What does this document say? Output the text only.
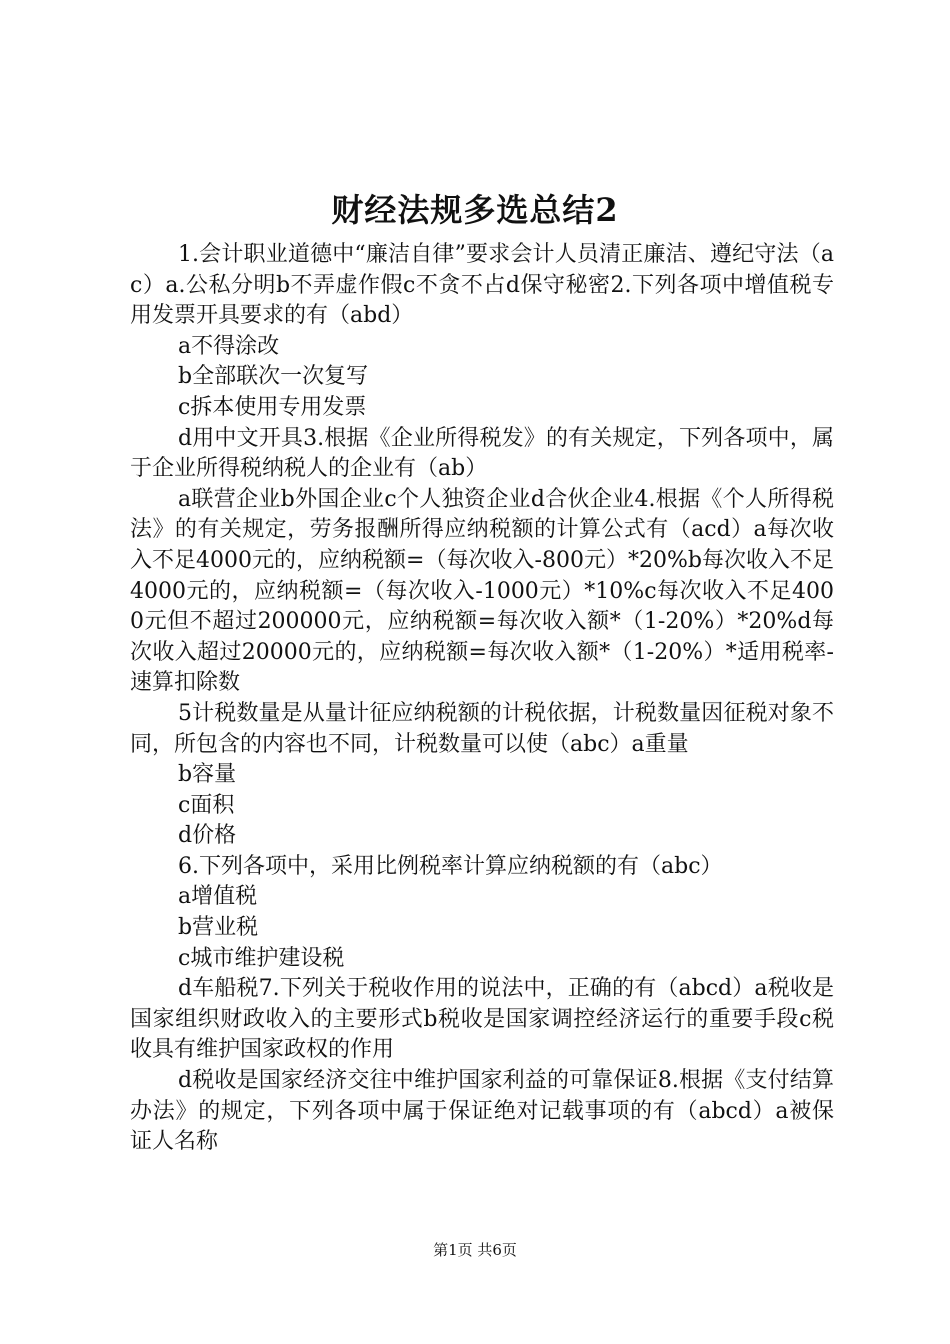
财经法规多选总结2

1.会计职业道德中“廉洁自律”要求会计人员清正廉洁、遵纪守法（ac）a.公私分明b不弄虚作假c不贪不占d保守秘密2.下列各项中增值税专用发票开具要求的有（abd）

a不得涂改

b全部联次一次复写

c拆本使用专用发票

d用中文开具3.根据《企业所得税发》的有关规定，下列各项中，属于企业所得税纳税人的企业有（ab）

a联营企业b外国企业c个人独资企业d合伙企业4.根据《个人所得税法》的有关规定，劳务报酬所得应纳税额的计算公式有（acd）a每次收入不足4000元的，应纳税额=（每次收入-800元）*20%b每次收入不足4000元的，应纳税额=（每次收入-1000元）*10%c每次收入不足4000元但不超过200000元，应纳税额=每次收入额*（1-20%）*20%d每次收入超过20000元的，应纳税额=每次收入额*（1-20%）*适用税率-速算扣除数

5计税数量是从量计征应纳税额的计税依据，计税数量因征税对象不同，所包含的内容也不同，计税数量可以使（abc）a重量

b容量

c面积

d价格

6.下列各项中，采用比例税率计算应纳税额的有（abc）

a增值税

b营业税

c城市维护建设税

d车船税7.下列关于税收作用的说法中，正确的有（abcd）a税收是国家组织财政收入的主要形式b税收是国家调控经济运行的重要手段c税收具有维护国家政权的作用

d税收是国家经济交往中维护国家利益的可靠保证8.根据《支付结算办法》的规定，下列各项中属于保证绝对记载事项的有（abcd）a被保证人名称

第1页 共6页
